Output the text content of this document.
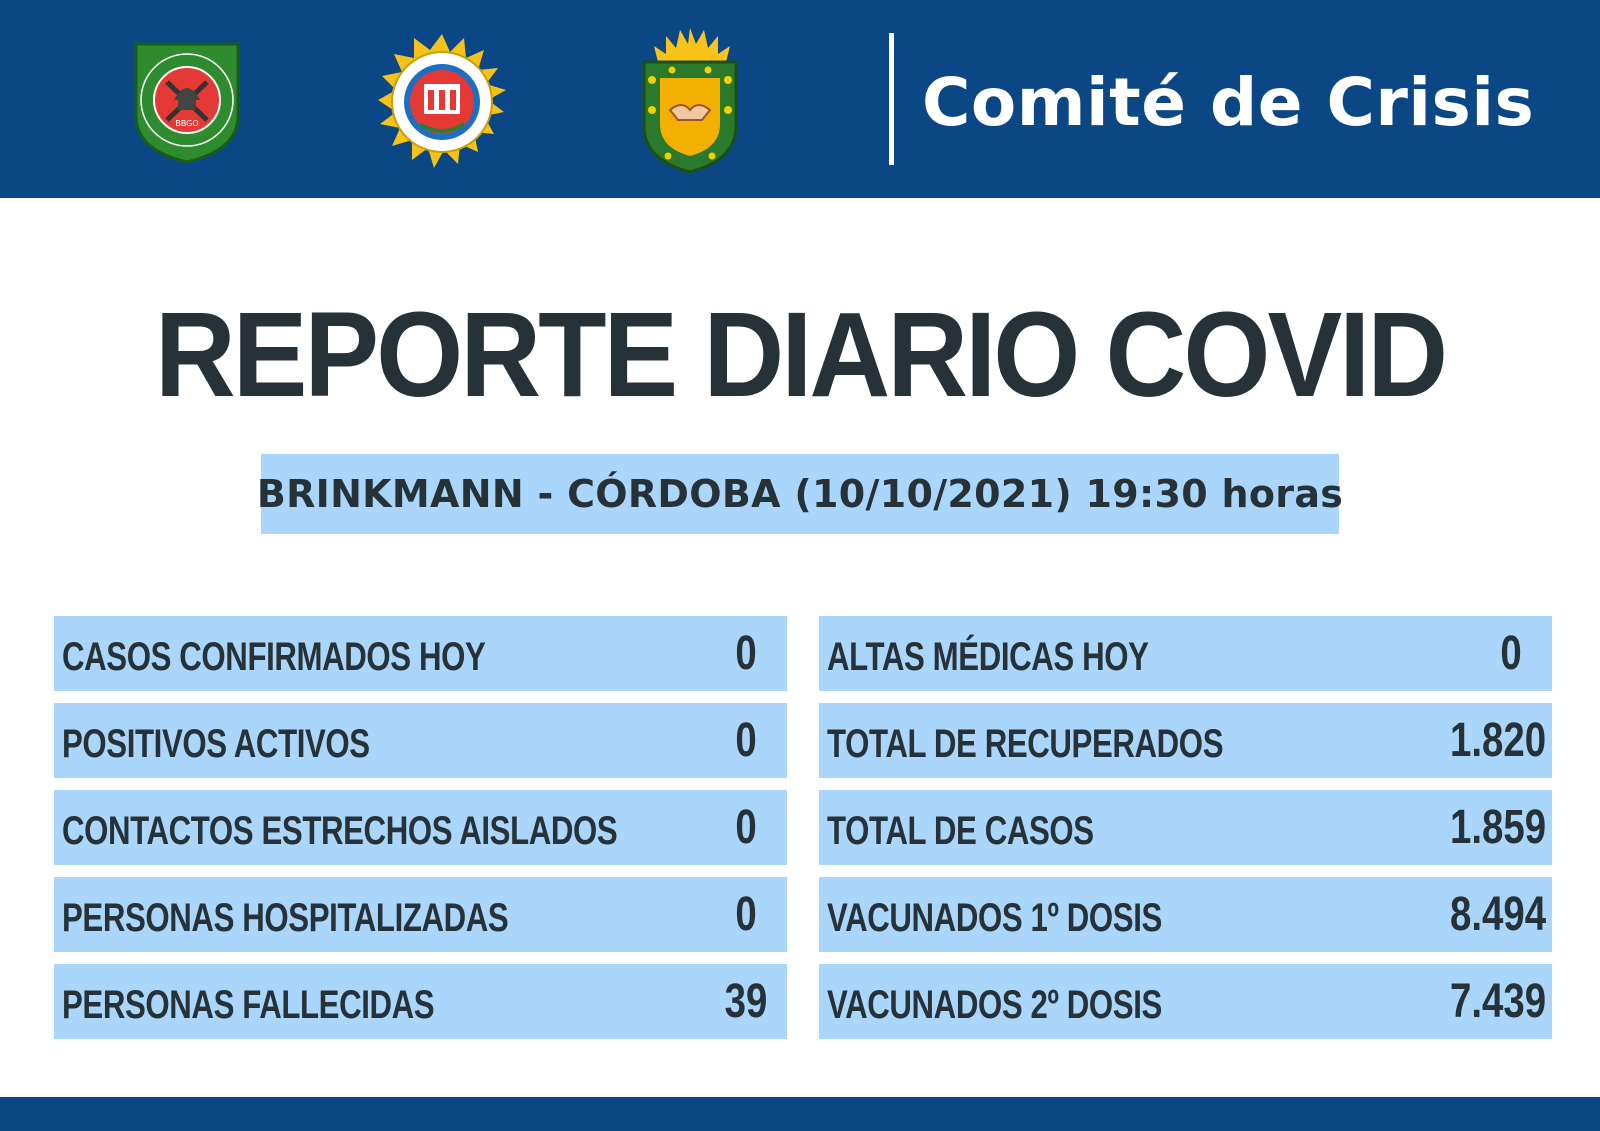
BBGO	Comité de Crisis
REPORTE DIARIO COVID
BRINKMANN - CÓRDOBA (10/10/2021) 19:30 horas
CASOS CONFIRMADOS HOY	0
POSITIVOS ACTIVOS	0
CONTACTOS ESTRECHOS AISLADOS 0
PERSONAS HOSPITALIZADAS	0
PERSONAS FALLECIDAS	39
ALTAS MÉDICAS HOY	0
TOTAL DE RECUPERADOS	1.820
TOTAL DE CASOS	1.859
VACUNADOS 1º DOSIS	8.494
VACUNADOS 2º DOSIS	7.439
